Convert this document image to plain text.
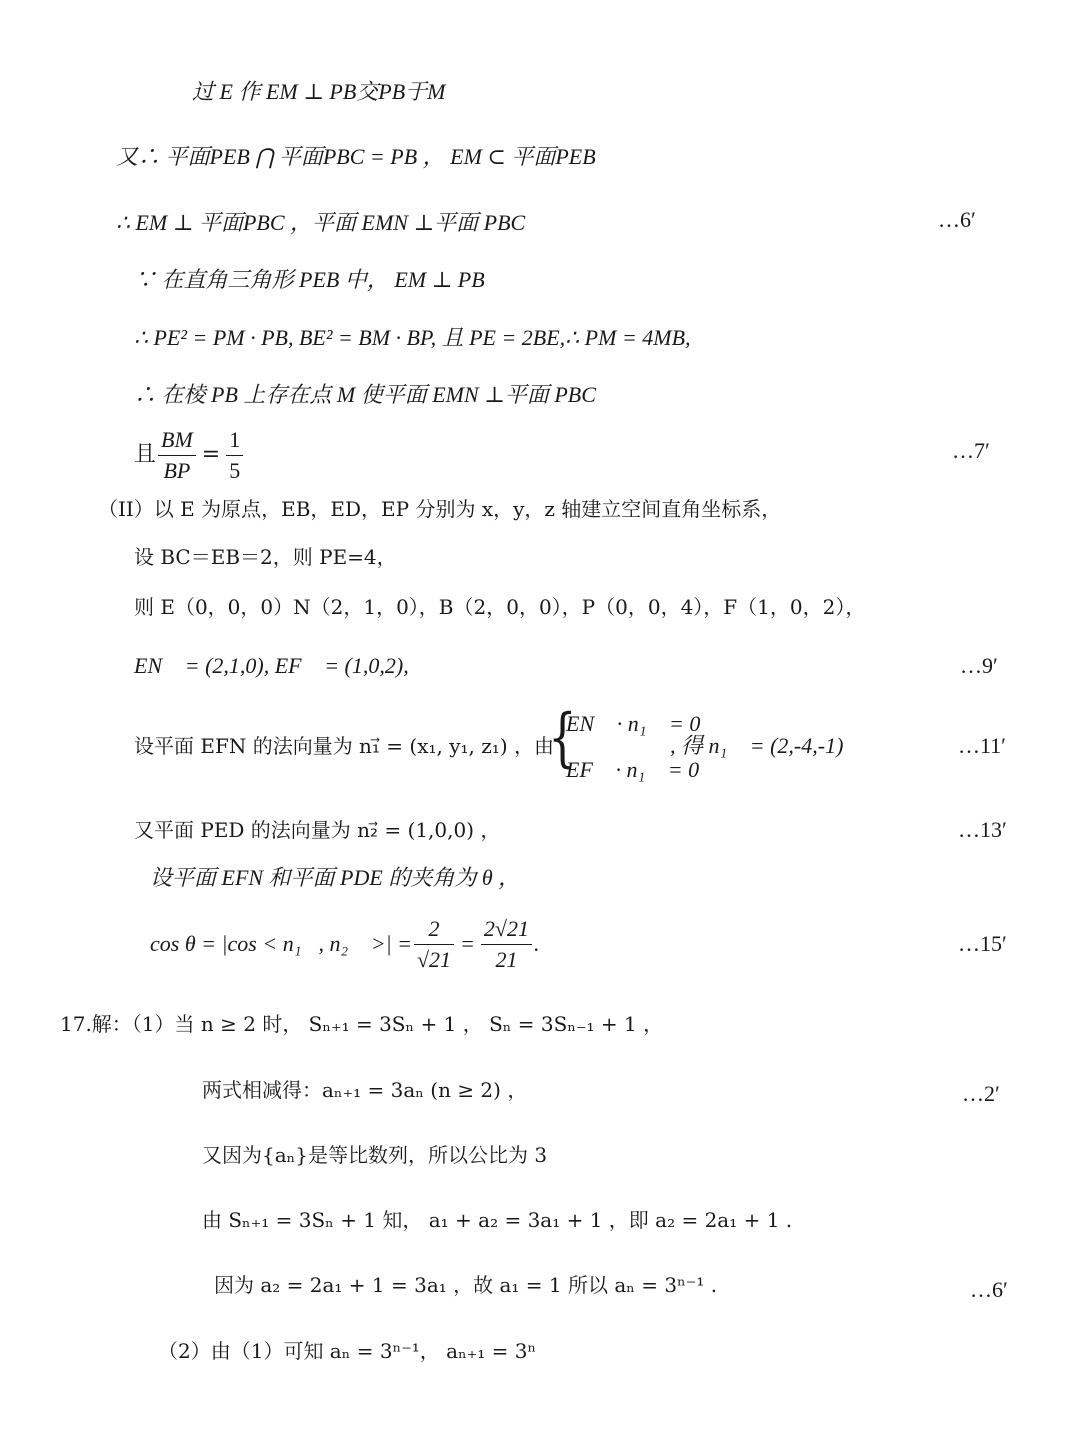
过 E 作 EM ⊥ PB交PB于M
又∴ 平面PEB ⋂ 平面PBC = PB ， EM ⊂ 平面PEB
∴ EM ⊥ 平面PBC ，平面 EMN ⊥平面 PBC	…6′
∵ 在直角三角形 PEB 中， EM ⊥ PB
∴ PE² = PM · PB, BE² = BM · BP, 且 PE = 2BE,∴ PM = 4MB,
∴ 在棱 PB 上存在点 M 使平面 EMN ⊥平面 PBC
且 $\frac{BM}{BP} = \frac{1}{5}$	…7′
（II）以 E 为原点，EB，ED，EP 分别为 x，y，z 轴建立空间直角坐标系，
设 BC＝EB＝2，则 PE=4，
则 E（0，0，0）N（2，1，0），B（2，0，0），P（0，0，4），F（1，0，2），
EN⃗ = (2,1,0), EF⃗ = (1,0,2),	…9′
设平面 EFN 的法向量为 n₁⃗ = (x₁, y₁, z₁) ，由
{
EN⃗ · n₁⃗ = 0
EF⃗ · n₁⃗ = 0
, 得 n₁⃗ = (2,-4,-1) ，	…11′
又平面 PED 的法向量为 n₂⃗ = (1,0,0) ，	…13′
设平面 EFN 和平面 PDE 的夹角为 θ ，
cos θ = |cos < n₁⃗, n₂⃗ >| = $\frac{2}{√21} = \frac{2√21}{21}$ .	…15′
17.解：（1）当 n ≥ 2 时， Sₙ₊₁ = 3Sₙ + 1 ， Sₙ = 3Sₙ₋₁ + 1 ，
两式相减得：aₙ₊₁ = 3aₙ (n ≥ 2) ，	…2′
又因为{aₙ}是等比数列，所以公比为 3
由 Sₙ₊₁ = 3Sₙ + 1 知， a₁ + a₂ = 3a₁ + 1 ，即 a₂ = 2a₁ + 1 .
因为 a₂ = 2a₁ + 1 = 3a₁ ，故 a₁ = 1 所以 aₙ = 3ⁿ⁻¹ .	…6′
（2）由（1）可知 aₙ = 3ⁿ⁻¹， aₙ₊₁ = 3ⁿ
